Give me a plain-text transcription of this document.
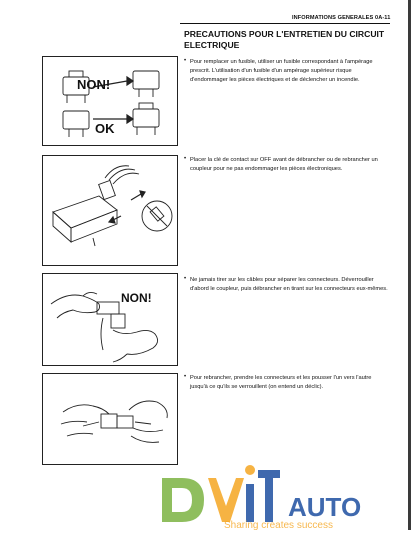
INFORMATIONS GENERALES 0A-11
PRECAUTIONS POUR L'ENTRETIEN DU CIRCUIT ELECTRIQUE
NON!
OK
NON!
• Pour remplacer un fusible, utiliser un fusible correspondant à l'ampérage prescrit. L'utilisation d'un fusible d'un ampérage supérieur risque d'endommager les pièces électriques et de déclencher un incendie.
• Placer la clé de contact sur OFF avant de débrancher ou de rebrancher un coupleur pour ne pas endommager les pièces électroniques.
• Ne jamais tirer sur les câbles pour séparer les connecteurs. Déverrouiller d'abord le coupleur, puis débrancher en tirant sur les connecteurs eux-mêmes.
• Pour rebrancher, prendre les connecteurs et les pousser l'un vers l'autre jusqu'à ce qu'ils se verrouillent (on entend un déclic).
AUTO
Sharing creates success
